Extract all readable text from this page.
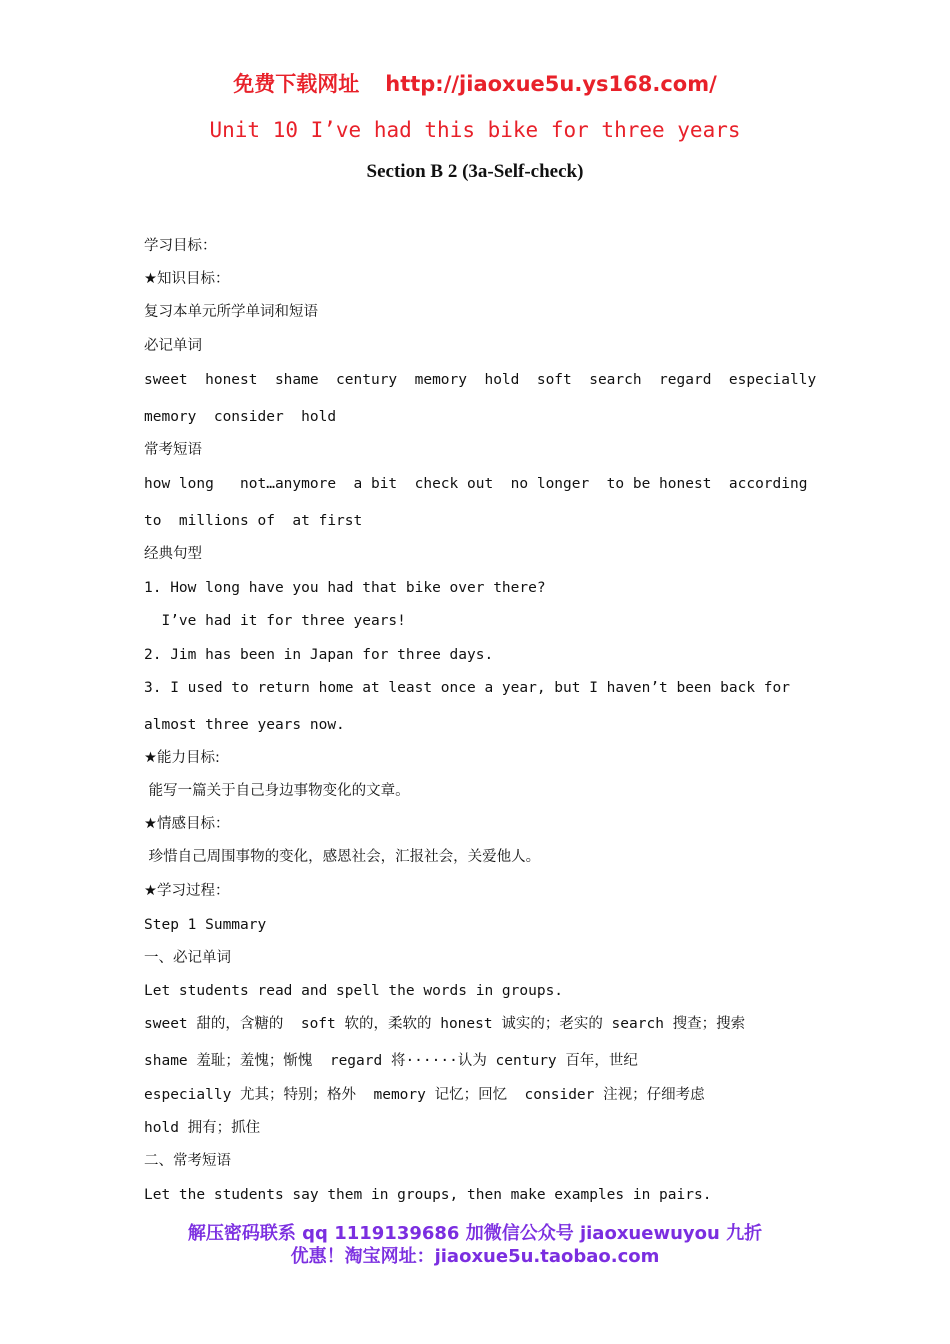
免费下载网址 http://jiaoxue5u.ys168.com/
Unit 10 I’ve had this bike for three years
Section B 2 (3a-Self-check)
学习目标：
★知识目标：
复习本单元所学单词和短语
必记单词
sweet  honest  shame  century  memory  hold  soft  search  regard  especially
memory  consider  hold
常考短语
how long   not…anymore  a bit  check out  no longer  to be honest  according
to  millions of  at first
经典句型
1. How long have you had that bike over there?
I’ve had it for three years!
2. Jim has been in Japan for three days.
3. I used to return home at least once a year, but I haven’t been back for
almost three years now.
★能力目标:
能写一篇关于自己身边事物变化的文章。
★情感目标：
珍惜自己周围事物的变化，感恩社会，汇报社会，关爱他人。
★学习过程：
Step 1 Summary
一、必记单词
Let students read and spell the words in groups.
sweet 甜的，含糖的  soft 软的，柔软的 honest 诚实的；老实的 search 搜查；搜索
shame 羞耻；羞愧；惭愧  regard 将······认为 century 百年，世纪
especially 尤其；特别；格外  memory 记忆；回忆  consider 注视；仔细考虑
hold 拥有；抓住
二、常考短语
Let the students say them in groups, then make examples in pairs.
解压密码联系 qq 1119139686 加微信公众号 jiaoxuewuyou 九折
优惠！淘宝网址：jiaoxue5u.taobao.com
